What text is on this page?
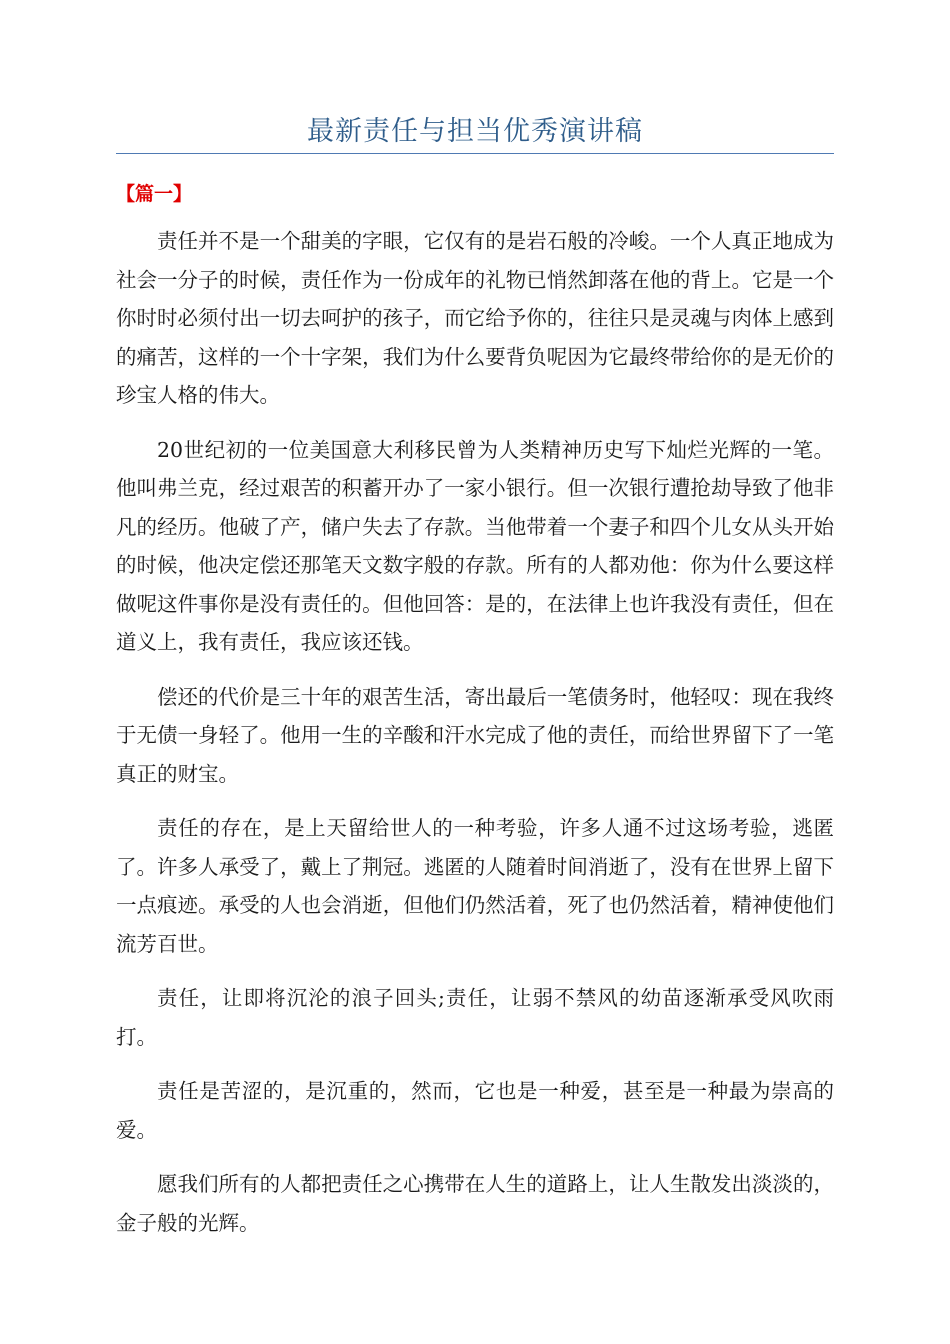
最新责任与担当优秀演讲稿
【篇一】

责任并不是一个甜美的字眼，它仅有的是岩石般的冷峻。一个人真正地成为社会一分子的时候，责任作为一份成年的礼物已悄然卸落在他的背上。它是一个你时时必须付出一切去呵护的孩子，而它给予你的，往往只是灵魂与肉体上感到的痛苦，这样的一个十字架，我们为什么要背负呢因为它最终带给你的是无价的珍宝人格的伟大。

20世纪初的一位美国意大利移民曾为人类精神历史写下灿烂光辉的一笔。他叫弗兰克，经过艰苦的积蓄开办了一家小银行。但一次银行遭抢劫导致了他非凡的经历。他破了产，储户失去了存款。当他带着一个妻子和四个儿女从头开始的时候，他决定偿还那笔天文数字般的存款。所有的人都劝他：你为什么要这样做呢这件事你是没有责任的。但他回答：是的，在法律上也许我没有责任，但在道义上，我有责任，我应该还钱。

偿还的代价是三十年的艰苦生活，寄出最后一笔债务时，他轻叹：现在我终于无债一身轻了。他用一生的辛酸和汗水完成了他的责任，而给世界留下了一笔真正的财宝。

责任的存在，是上天留给世人的一种考验，许多人通不过这场考验，逃匿了。许多人承受了，戴上了荆冠。逃匿的人随着时间消逝了，没有在世界上留下一点痕迹。承受的人也会消逝，但他们仍然活着，死了也仍然活着，精神使他们流芳百世。

责任，让即将沉沦的浪子回头;责任，让弱不禁风的幼苗逐渐承受风吹雨打。

责任是苦涩的，是沉重的，然而，它也是一种爱，甚至是一种最为崇高的爱。

愿我们所有的人都把责任之心携带在人生的道路上，让人生散发出淡淡的，金子般的光辉。
